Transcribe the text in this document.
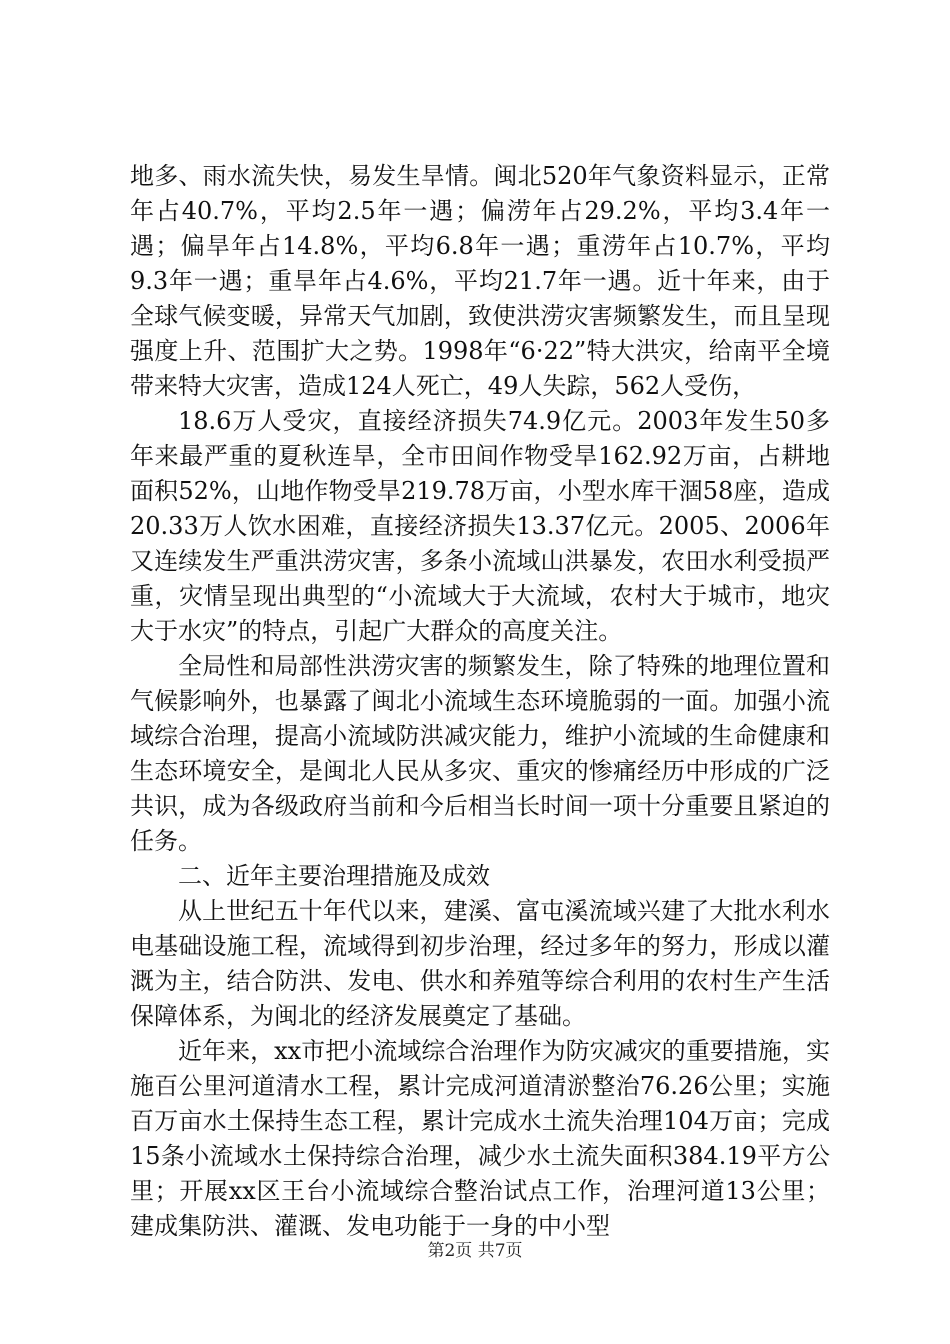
地多、雨水流失快，易发生旱情。闽北520年气象资料显示，正常年占40.7%，平均2.5年一遇；偏涝年占29.2%，平均3.4年一遇；偏旱年占14.8%，平均6.8年一遇；重涝年占10.7%，平均9.3年一遇；重旱年占4.6%，平均21.7年一遇。近十年来，由于全球气候变暖，异常天气加剧，致使洪涝灾害频繁发生，而且呈现强度上升、范围扩大之势。1998年“6·22”特大洪灾，给南平全境带来特大灾害，造成124人死亡，49人失踪，562人受伤，

18.6万人受灾，直接经济损失74.9亿元。2003年发生50多年来最严重的夏秋连旱，全市田间作物受旱162.92万亩，占耕地面积52%，山地作物受旱219.78万亩，小型水库干涸58座，造成20.33万人饮水困难，直接经济损失13.37亿元。2005、2006年又连续发生严重洪涝灾害，多条小流域山洪暴发，农田水利受损严重，灾情呈现出典型的“小流域大于大流域，农村大于城市，地灾大于水灾”的特点，引起广大群众的高度关注。

全局性和局部性洪涝灾害的频繁发生，除了特殊的地理位置和气候影响外，也暴露了闽北小流域生态环境脆弱的一面。加强小流域综合治理，提高小流域防洪减灾能力，维护小流域的生命健康和生态环境安全，是闽北人民从多灾、重灾的惨痛经历中形成的广泛共识，成为各级政府当前和今后相当长时间一项十分重要且紧迫的任务。

二、近年主要治理措施及成效

从上世纪五十年代以来，建溪、富屯溪流域兴建了大批水利水电基础设施工程，流域得到初步治理，经过多年的努力，形成以灌溉为主，结合防洪、发电、供水和养殖等综合利用的农村生产生活保障体系，为闽北的经济发展奠定了基础。

近年来，xx市把小流域综合治理作为防灾减灾的重要措施，实施百公里河道清水工程，累计完成河道清淤整治76.26公里；实施百万亩水土保持生态工程，累计完成水土流失治理104万亩；完成15条小流域水土保持综合治理，减少水土流失面积384.19平方公里；开展xx区王台小流域综合整治试点工作，治理河道13公里；建成集防洪、灌溉、发电功能于一身的中小型

第2页 共7页
